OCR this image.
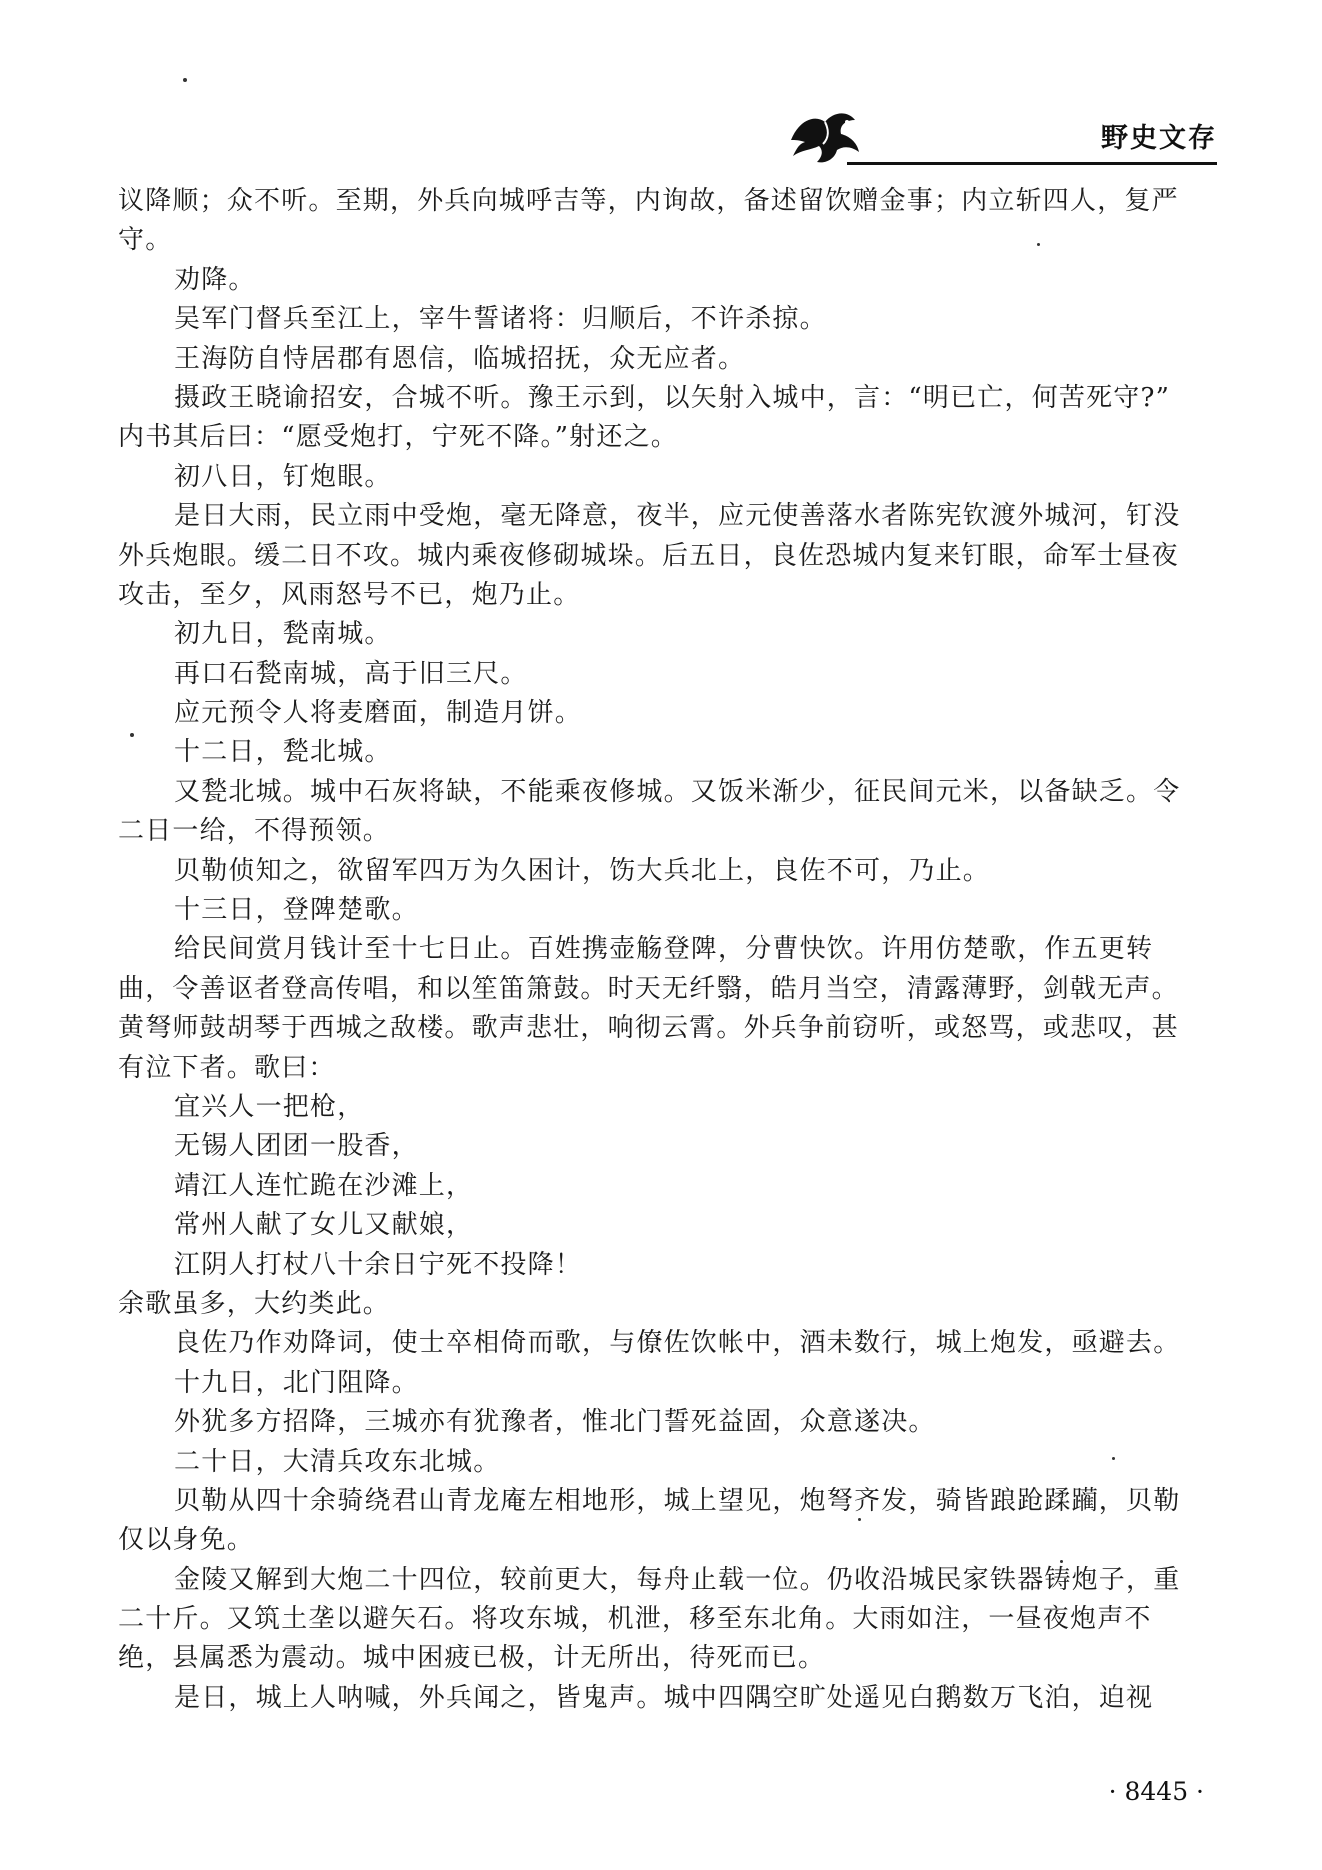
野史文存
议降顺；众不听。至期，外兵向城呼吉等，内询故，备述留饮赠金事；内立斩四人，复严
守。
劝降。
吴军门督兵至江上，宰牛誓诸将：归顺后，不许杀掠。
王海防自恃居郡有恩信，临城招抚，众无应者。
摄政王晓谕招安，合城不听。豫王示到，以矢射入城中，言：“明已亡，何苦死守?”
内书其后曰：“愿受炮打，宁死不降。”射还之。
初八日，钉炮眼。
是日大雨，民立雨中受炮，毫无降意，夜半，应元使善落水者陈宪钦渡外城河，钉没
外兵炮眼。缓二日不攻。城内乘夜修砌城垛。后五日，良佐恐城内复来钉眼，命军士昼夜
攻击，至夕，风雨怒号不已，炮乃止。
初九日，甃南城。
再口石甃南城，高于旧三尺。
应元预令人将麦磨面，制造月饼。
十二日，甃北城。
又甃北城。城中石灰将缺，不能乘夜修城。又饭米渐少，征民间元米，以备缺乏。令
二日一给，不得预领。
贝勒侦知之，欲留军四万为久困计，饬大兵北上，良佐不可，乃止。
十三日，登陴楚歌。
给民间赏月钱计至十七日止。百姓携壶觞登陴，分曹快饮。许用仿楚歌，作五更转
曲，令善讴者登高传唱，和以笙笛箫鼓。时天无纤翳，皓月当空，清露薄野，剑戟无声。
黄弩师鼓胡琴于西城之敌楼。歌声悲壮，响彻云霄。外兵争前窃听，或怒骂，或悲叹，甚
有泣下者。歌曰：
宜兴人一把枪，
无锡人团团一股香，
靖江人连忙跪在沙滩上，
常州人献了女儿又献娘，
江阴人打杖八十余日宁死不投降！
余歌虽多，大约类此。
良佐乃作劝降词，使士卒相倚而歌，与僚佐饮帐中，酒未数行，城上炮发，亟避去。
十九日，北门阻降。
外犹多方招降，三城亦有犹豫者，惟北门誓死益固，众意遂决。
二十日，大清兵攻东北城。
贝勒从四十余骑绕君山青龙庵左相地形，城上望见，炮弩齐发，骑皆踉跄蹂躏，贝勒
仅以身免。
金陵又解到大炮二十四位，较前更大，每舟止载一位。仍收沿城民家铁器铸炮子，重
二十斤。又筑土垄以避矢石。将攻东城，机泄，移至东北角。大雨如注，一昼夜炮声不
绝，县属悉为震动。城中困疲已极，计无所出，待死而已。
是日，城上人呐喊，外兵闻之，皆鬼声。城中四隅空旷处遥见白鹅数万飞泊，迫视
· 8445 ·
